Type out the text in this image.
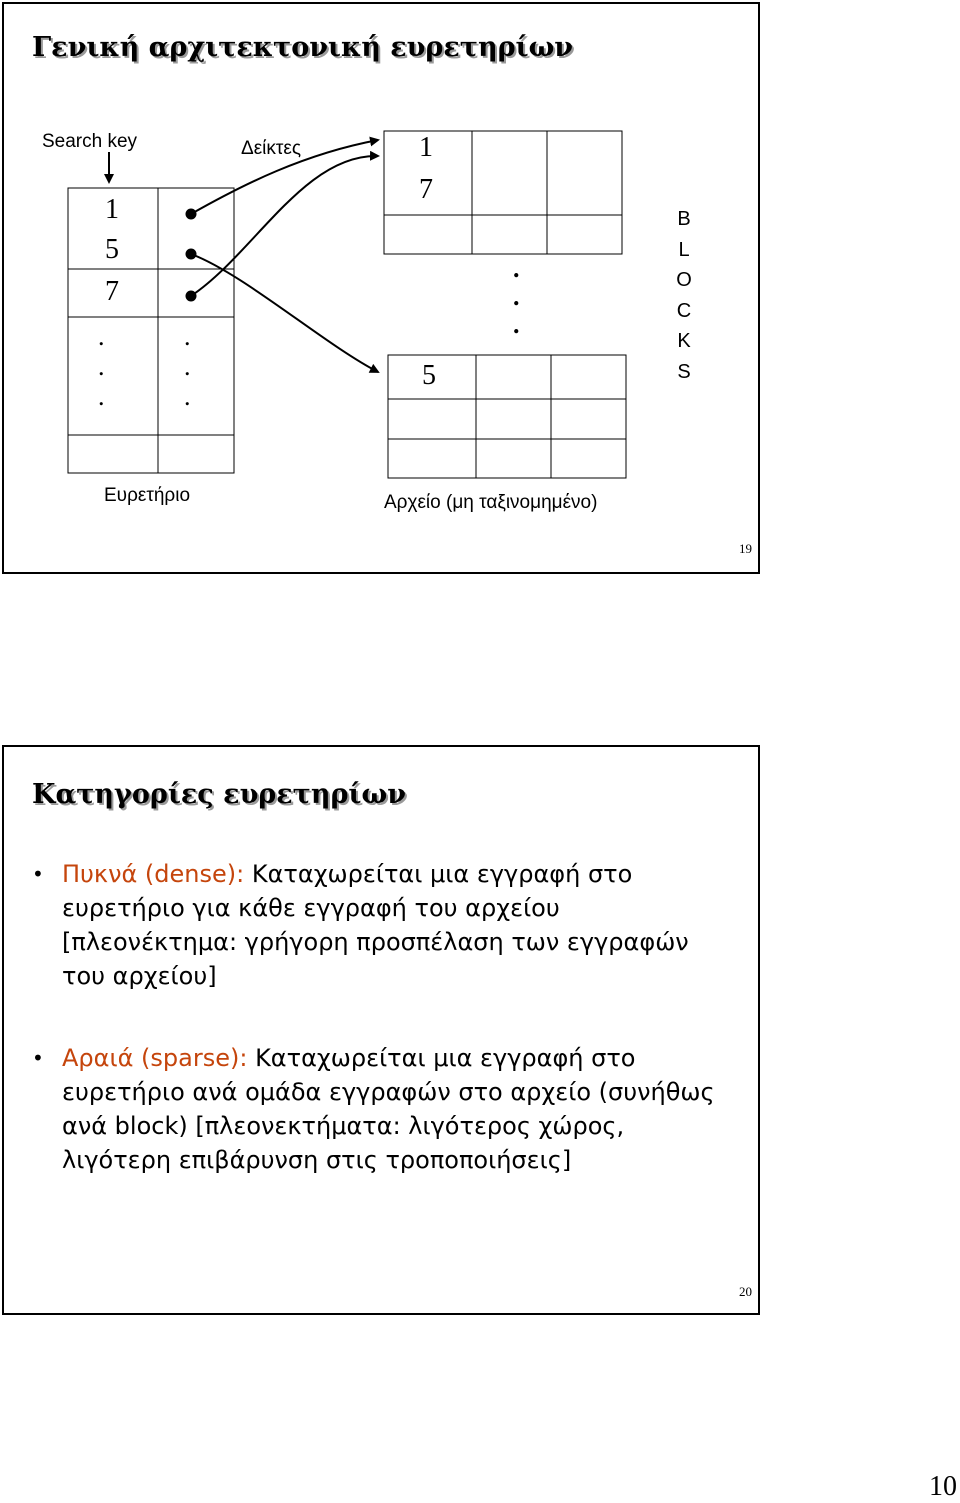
Γενική αρχιτεκτονική ευρετηρίων
Search key	Δείκτες
1
5
7
.
.
.
.
.
.
1
7
5
.
.
.
BLOCKS
Ευρετήριο	Αρχείο (μη ταξινομημένο)
19
Κατηγορίες ευρετηρίων
• Πυκνά (dense): Καταχωρείται μια εγγραφή στο ευρετήριο για κάθε εγγραφή του αρχείου [πλεονέκτημα: γρήγορη προσπέλαση των εγγραφών του αρχείου]
• Αραιά (sparse): Καταχωρείται μια εγγραφή στο ευρετήριο ανά ομάδα εγγραφών στο αρχείο (συνήθως ανά block) [πλεονεκτήματα: λιγότερος χώρος, λιγότερη επιβάρυνση στις τροποποιήσεις]
20
10
